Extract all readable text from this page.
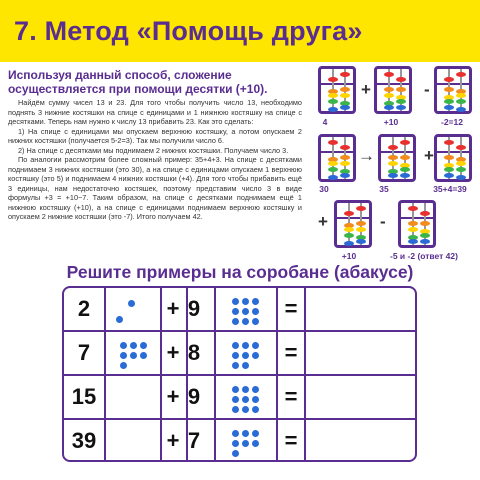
7. Метод «Помощь друга»
Используя данный способ, сложение осуществляется при помощи десятки (+10).

Найдём сумму чисел 13 и 23. Для того чтобы получить число 13, необходимо поднять 3 нижние костяшки на спице с единицами и 1 нижнюю костяшку на спице с десятками. Теперь нам нужно к числу 13 прибавить 23. Как это сделать:

1) На спице с единицами мы опускаем верхнюю костяшку, а потом опускаем 2 нижних костяшки (получается 5-2=3). Так мы получили число 6.

2) На спице с десятками мы поднимаем 2 нижних костяшки. Получаем число 3.

По аналогии рассмотрим более сложный пример: 35+4+3. На спице с десятками поднимаем 3 нижних костяшки (это 30), а на спице с единицами опускаем 1 верхнюю костяшку (это 5) и поднимаем 4 нижних костяшки (+4). Для того чтобы прибавить ещё 3 единицы, нам недостаточно костяшек, поэтому представим число 3 в виде формулы +3 = +10−7. Таким образом, на спице с десятками поднимаем ещё 1 нижнюю костяшку (+10), а на спице с единицами поднимаем верхнюю костяшку и опускаем 2 нижние костяшки (это -7). Итого получаем 42.

+	-
4	+10	-2=12
→	+
30	35	35+4=39
+	-
+10	-5 и -2 (ответ 42)
Решите примеры на соробане (абакусе)
2	+ 9	=
7	+ 8	=
15	+ 9	=
39	+ 7	=
